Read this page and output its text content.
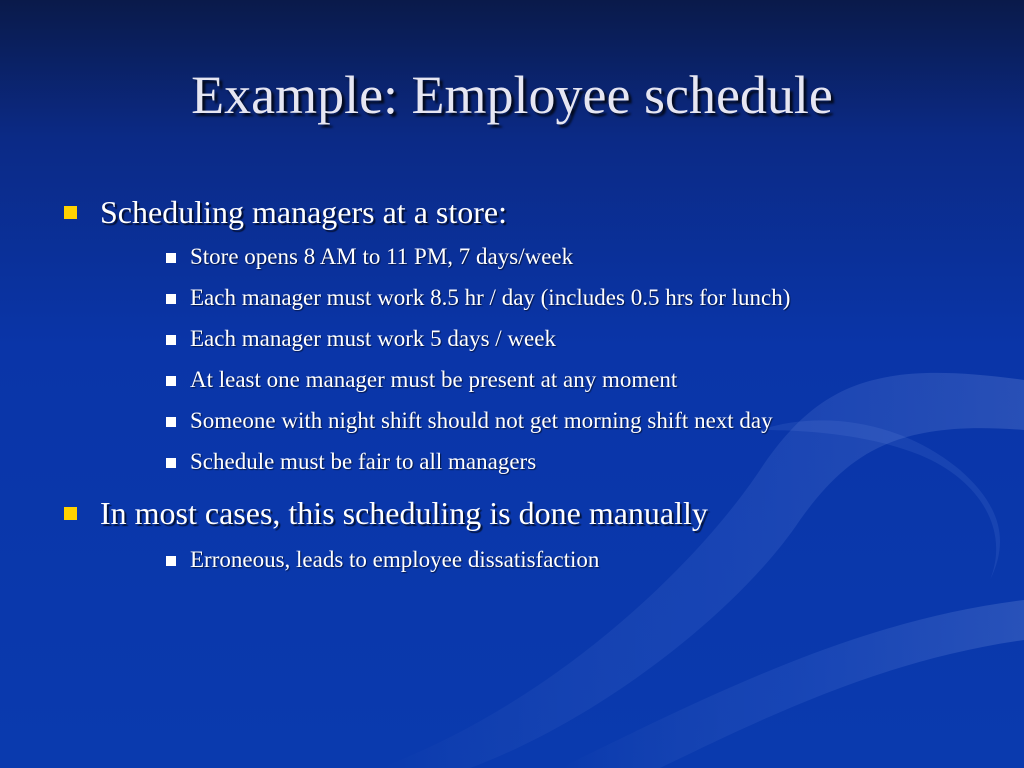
Example: Employee schedule
Scheduling managers at a store:
Store opens 8 AM to 11 PM, 7 days/week
Each manager must work 8.5 hr / day (includes 0.5 hrs for lunch)
Each manager must work 5 days / week
At least one manager must be present at any moment
Someone with night shift should not get morning shift next day
Schedule must be fair to all managers
In most cases, this scheduling is done manually
Erroneous, leads to employee dissatisfaction
